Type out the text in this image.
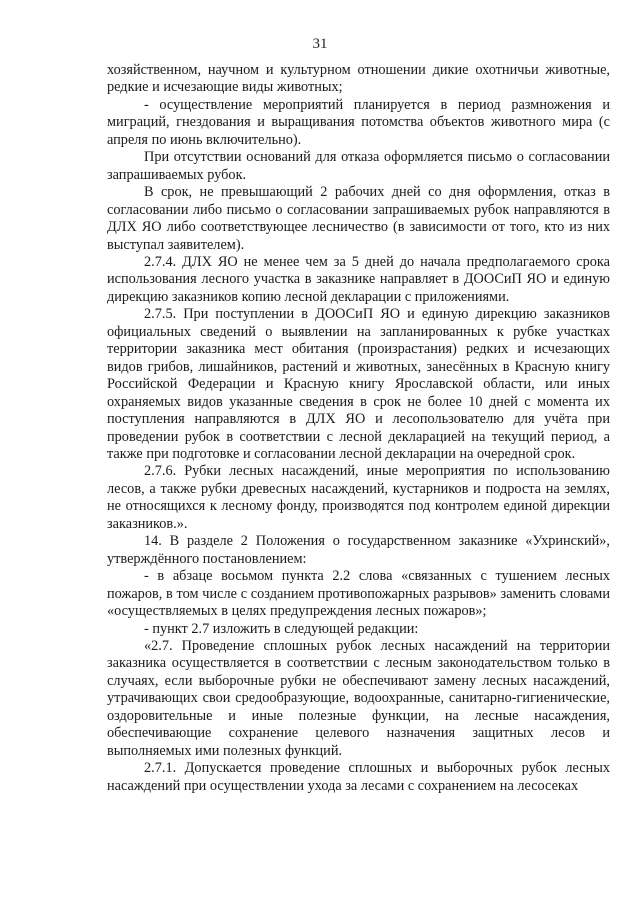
31

хозяйственном, научном и культурном отношении дикие охотничьи животные, редкие и исчезающие виды животных;

- осуществление мероприятий планируется в период размножения и миграций, гнездования и выращивания потомства объектов животного мира (с апреля по июнь включительно).

При отсутствии оснований для отказа оформляется письмо о согласовании запрашиваемых рубок.

В срок, не превышающий 2 рабочих дней со дня оформления, отказ в согласовании либо письмо о согласовании запрашиваемых рубок направляются в ДЛХ ЯО либо соответствующее лесничество (в зависимости от того, кто из них выступал заявителем).

2.7.4. ДЛХ ЯО не менее чем за 5 дней до начала предполагаемого срока использования лесного участка в заказнике направляет в ДООСиП ЯО и единую дирекцию заказников копию лесной декларации с приложениями.

2.7.5. При поступлении в ДООСиП ЯО и единую дирекцию заказников официальных сведений о выявлении на запланированных к рубке участках территории заказника мест обитания (произрастания) редких и исчезающих видов грибов, лишайников, растений и животных, занесённых в Красную книгу Российской Федерации и Красную книгу Ярославской области, или иных охраняемых видов указанные сведения в срок не более 10 дней с момента их поступления направляются в ДЛХ ЯО и лесопользователю для учёта при проведении рубок в соответствии с лесной декларацией на текущий период, а также при подготовке и согласовании лесной декларации на очередной срок.

2.7.6. Рубки лесных насаждений, иные мероприятия по использованию лесов, а также рубки древесных насаждений, кустарников и подроста на землях, не относящихся к лесному фонду, производятся под контролем единой дирекции заказников.».

14. В разделе 2 Положения о государственном заказнике «Ухринский», утверждённого постановлением:

- в абзаце восьмом пункта 2.2 слова «связанных с тушением лесных пожаров, в том числе с созданием противопожарных разрывов» заменить словами «осуществляемых в целях предупреждения лесных пожаров»;

- пункт 2.7 изложить в следующей редакции:

«2.7. Проведение сплошных рубок лесных насаждений на территории заказника осуществляется в соответствии с лесным законодательством только в случаях, если выборочные рубки не обеспечивают замену лесных насаждений, утрачивающих свои средообразующие, водоохранные, санитарно-гигиенические, оздоровительные и иные полезные функции, на лесные насаждения, обеспечивающие сохранение целевого назначения защитных лесов и выполняемых ими полезных функций.

2.7.1. Допускается проведение сплошных и выборочных рубок лесных насаждений при осуществлении ухода за лесами с сохранением на лесосеках
